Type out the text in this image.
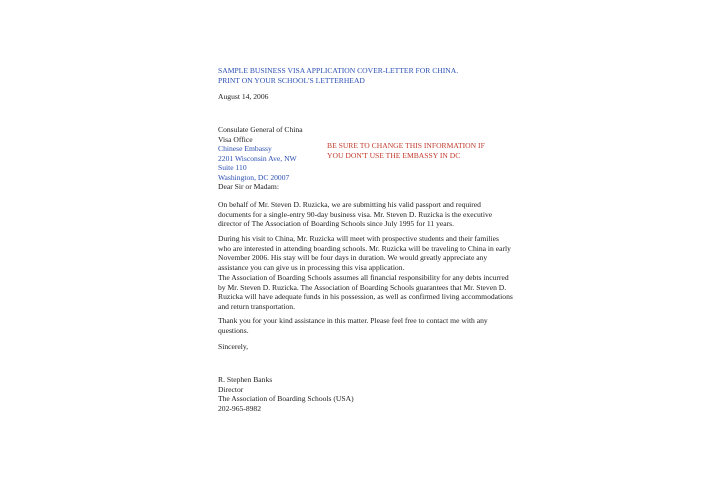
SAMPLE BUSINESS VISA APPLICATION COVER-LETTER FOR CHINA.
PRINT ON YOUR SCHOOL'S LETTERHEAD
August 14, 2006
Consulate General of China
Visa Office
Chinese Embassy
2201 Wisconsin Ave, NW
Suite 110
Washington, DC 20007
BE SURE TO CHANGE THIS INFORMATION IF
YOU DON'T USE THE EMBASSY IN DC
Dear Sir or Madam:
On behalf of Mr. Steven D. Ruzicka, we are submitting his valid passport and required
documents for a single-entry 90-day business visa. Mr. Steven D. Ruzicka is the executive
director of The Association of Boarding Schools since July 1995 for 11 years.
During his visit to China, Mr. Ruzicka will meet with prospective students and their families
who are interested in attending boarding schools. Mr. Ruzicka will be traveling to China in early
November 2006. His stay will be four days in duration. We would greatly appreciate any
assistance you can give us in processing this visa application.
The Association of Boarding Schools assumes all financial responsibility for any debts incurred
by Mr. Steven D. Ruzicka. The Association of Boarding Schools guarantees that Mr. Steven D.
Ruzicka will have adequate funds in his possession, as well as confirmed living accommodations
and return transportation.
Thank you for your kind assistance in this matter. Please feel free to contact me with any
questions.
Sincerely,
R. Stephen Banks
Director
The Association of Boarding Schools (USA)
202-965-8982
